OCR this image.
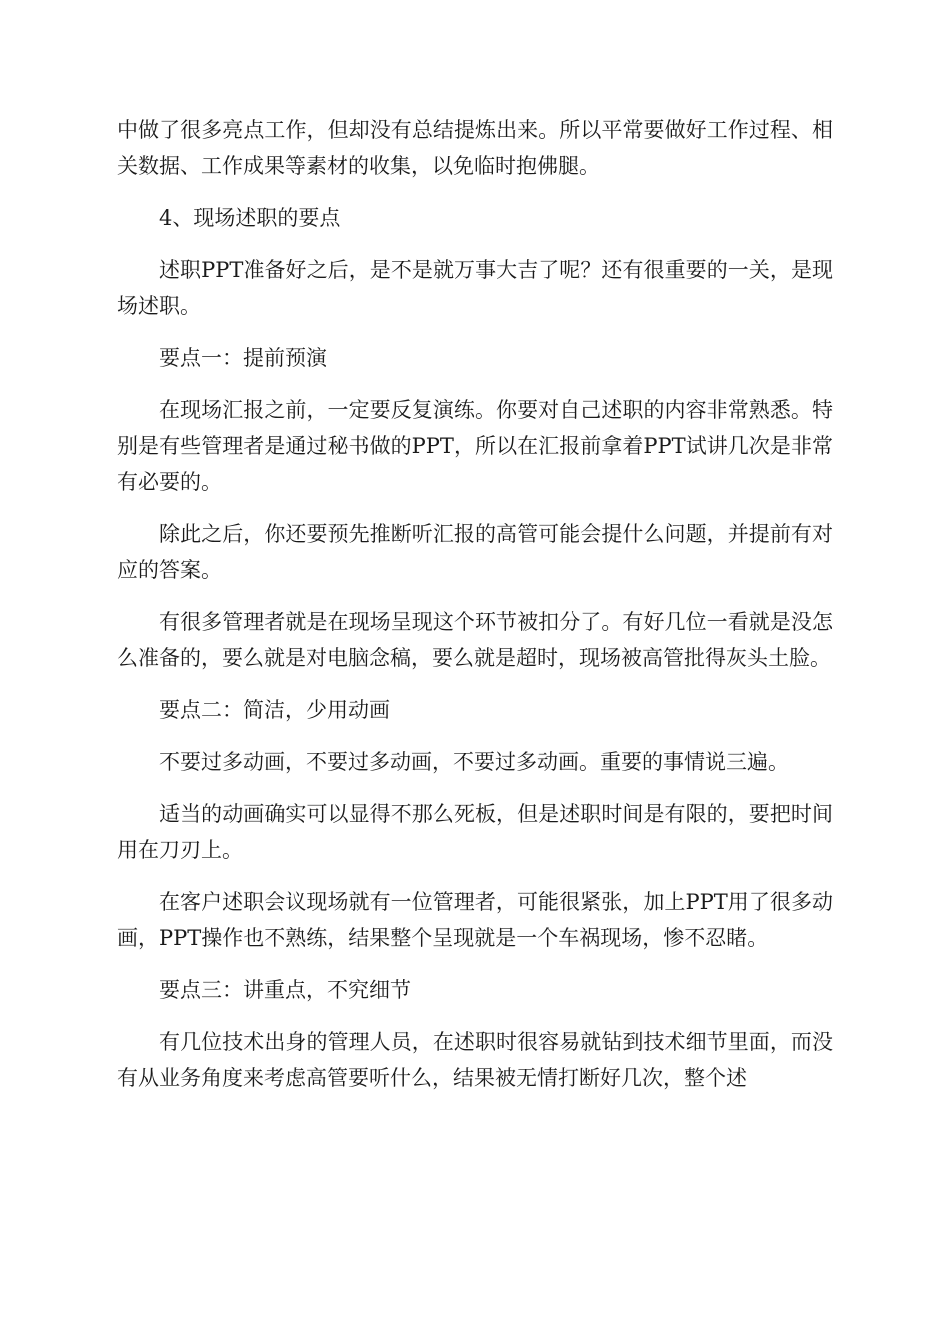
中做了很多亮点工作，但却没有总结提炼出来。所以平常要做好工作过程、相关数据、工作成果等素材的收集，以免临时抱佛腿。

4、现场述职的要点

述职PPT准备好之后，是不是就万事大吉了呢？还有很重要的一关，是现场述职。

要点一：提前预演

在现场汇报之前，一定要反复演练。你要对自己述职的内容非常熟悉。特别是有些管理者是通过秘书做的PPT，所以在汇报前拿着PPT试讲几次是非常有必要的。

除此之后，你还要预先推断听汇报的高管可能会提什么问题，并提前有对应的答案。

有很多管理者就是在现场呈现这个环节被扣分了。有好几位一看就是没怎么准备的，要么就是对电脑念稿，要么就是超时，现场被高管批得灰头土脸。

要点二：简洁，少用动画

不要过多动画，不要过多动画，不要过多动画。重要的事情说三遍。

适当的动画确实可以显得不那么死板，但是述职时间是有限的，要把时间用在刀刃上。

在客户述职会议现场就有一位管理者，可能很紧张，加上PPT用了很多动画，PPT操作也不熟练，结果整个呈现就是一个车祸现场，惨不忍睹。

要点三：讲重点，不究细节

有几位技术出身的管理人员，在述职时很容易就钻到技术细节里面，而没有从业务角度来考虑高管要听什么，结果被无情打断好几次，整个述
